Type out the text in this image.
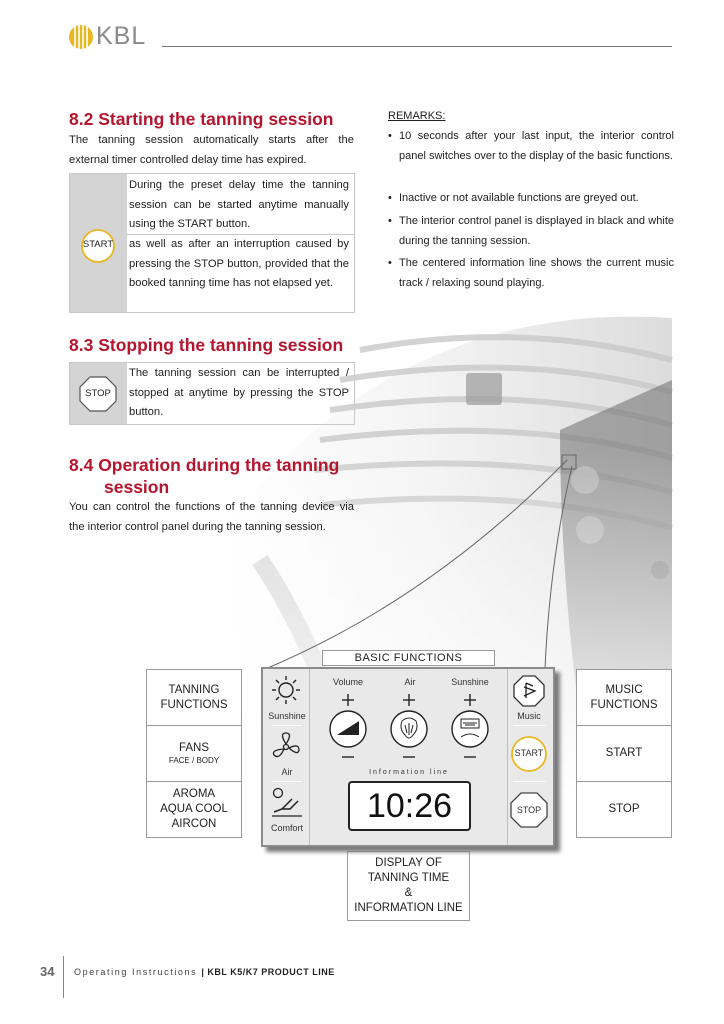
KBL
8.2 Starting the tanning session
The tanning session automatically starts after the external timer controlled delay time has expired.
START
During the preset delay time the tanning session can be started anytime manually using the START button.
as well as after an interruption caused by pressing the STOP button, provided that the booked tanning time has not elapsed yet.
8.3 Stopping the tanning session
STOP
The tanning session can be interrupted / stopped at anytime by pressing the STOP button.
8.4 Operation during the tanning
session
You can control the functions of the tanning device via the interior control panel during the tanning session.
REMARKS:
• 10 seconds after your last input, the interior control panel switches over to the display of the basic functions.
• Inactive or not available functions are greyed out.
• The interior control panel is displayed in black and white during the tanning session.
• The centered information line shows the current music track / relaxing sound playing.
BASIC FUNCTIONS
TANNING
FUNCTIONS
FANS
FACE / BODY
AROMA
AQUA COOL
AIRCON
MUSIC
FUNCTIONS
START
STOP
DISPLAY OF
TANNING TIME
&
INFORMATION LINE
Sunshine
Air
Comfort
Volume	Air	Sunshine
Information line
10:26
Music
START
STOP
34 Operating Instructions | KBL K5/K7 PRODUCT LINE
